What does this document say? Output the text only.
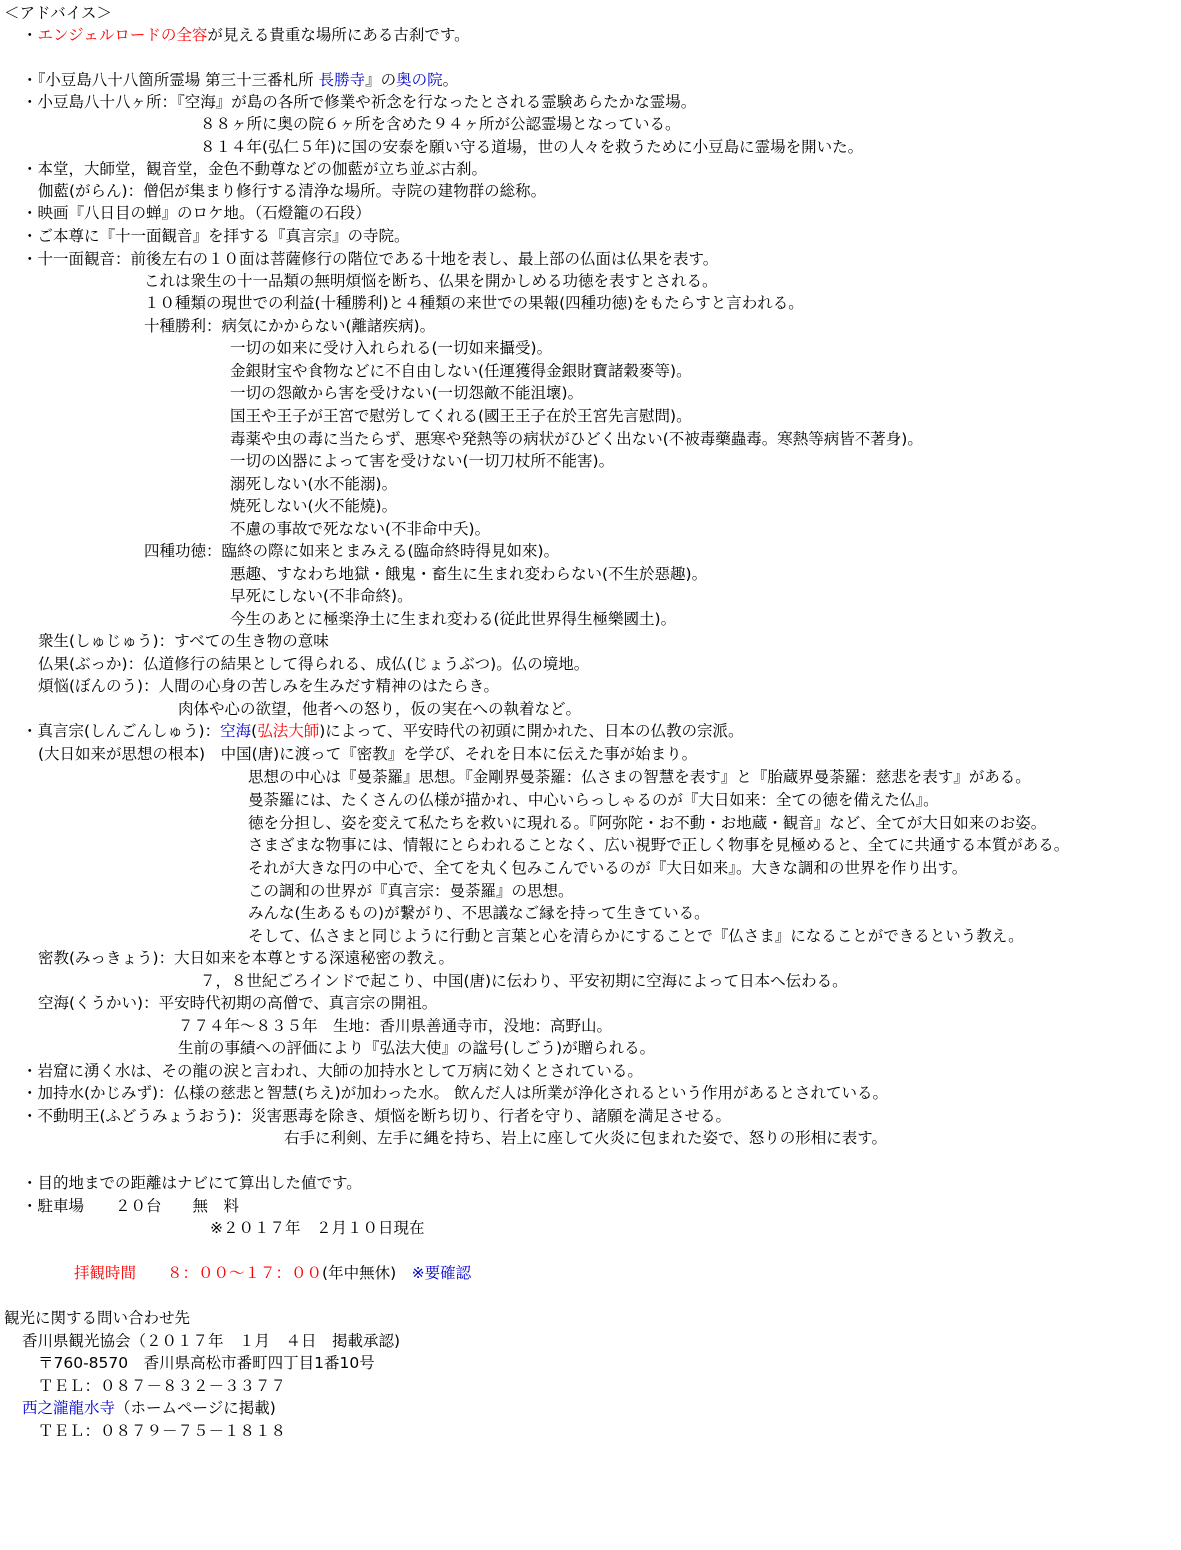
＜アドバイス＞
・エンジェルロードの全容が見える貴重な場所にある古刹です。
・『小豆島八十八箇所霊場 第三十三番札所 長勝寺』の奥の院。
・小豆島八十八ヶ所：『空海』が島の各所で修業や祈念を行なったとされる霊験あらたかな霊場。
８８ヶ所に奥の院６ヶ所を含めた９４ヶ所が公認霊場となっている。
８１４年(弘仁５年)に国の安泰を願い守る道場，世の人々を救うために小豆島に霊場を開いた。
・本堂，大師堂，観音堂，金色不動尊などの伽藍が立ち並ぶ古刹。
伽藍(がらん)：僧侶が集まり修行する清浄な場所。寺院の建物群の総称。
・映画『八日目の蝉』のロケ地。（石燈籠の石段）
・ご本尊に『十一面観音』を拝する『真言宗』の寺院。
・十一面観音：前後左右の１０面は菩薩修行の階位である十地を表し、最上部の仏面は仏果を表す。
これは衆生の十一品類の無明煩悩を断ち、仏果を開かしめる功徳を表すとされる。
１０種類の現世での利益(十種勝利)と４種類の来世での果報(四種功徳)をもたらすと言われる。
十種勝利：病気にかからない(離諸疾病)。
一切の如来に受け入れられる(一切如来攝受)。
金銀財宝や食物などに不自由しない(任運獲得金銀財寶諸穀麥等)。
一切の怨敵から害を受けない(一切怨敵不能沮壞)。
国王や王子が王宮で慰労してくれる(國王王子在於王宮先言慰問)。
毒薬や虫の毒に当たらず、悪寒や発熱等の病状がひどく出ない(不被毒藥蟲毒。寒熱等病皆不著身)。
一切の凶器によって害を受けない(一切刀杖所不能害)。
溺死しない(水不能溺)。
焼死しない(火不能燒)。
不慮の事故で死なない(不非命中夭)。
四種功徳：臨終の際に如来とまみえる(臨命終時得見如來)。
悪趣、すなわち地獄・餓鬼・畜生に生まれ変わらない(不生於惡趣)。
早死にしない(不非命終)。
今生のあとに極楽浄土に生まれ変わる(従此世界得生極樂國土)。
衆生(しゅじゅう)：すべての生き物の意味
仏果(ぶっか)：仏道修行の結果として得られる、成仏(じょうぶつ)。仏の境地。
煩悩(ぼんのう)：人間の心身の苦しみを生みだす精神のはたらき。
肉体や心の欲望，他者への怒り，仮の実在への執着など。
・真言宗(しんごんしゅう)：空海(弘法大師)によって、平安時代の初頭に開かれた、日本の仏教の宗派。
(大日如来が思想の根本)　中国(唐)に渡って『密教』を学び、それを日本に伝えた事が始まり。
思想の中心は『曼荼羅』思想。『金剛界曼荼羅：仏さまの智慧を表す』と『胎蔵界曼荼羅：慈悲を表す』がある。
曼荼羅には、たくさんの仏様が描かれ、中心いらっしゃるのが『大日如来：全ての徳を備えた仏』。
徳を分担し、姿を変えて私たちを救いに現れる。『阿弥陀・お不動・お地蔵・観音』など、全てが大日如来のお姿。
さまざまな物事には、情報にとらわれることなく、広い視野で正しく物事を見極めると、全てに共通する本質がある。
それが大きな円の中心で、全てを丸く包みこんでいるのが『大日如来』。大きな調和の世界を作り出す。
この調和の世界が『真言宗：曼荼羅』の思想。
みんな(生あるもの)が繋がり、不思議なご縁を持って生きている。
そして、仏さまと同じように行動と言葉と心を清らかにすることで『仏さま』になることができるという教え。
密教(みっきょう)：大日如来を本尊とする深遠秘密の教え。
７，８世紀ごろインドで起こり、中国(唐)に伝わり、平安初期に空海によって日本へ伝わる。
空海(くうかい)：平安時代初期の高僧で、真言宗の開祖。
７７４年～８３５年　生地：香川県善通寺市，没地：高野山。
生前の事績への評価により『弘法大使』の諡号(しごう)が贈られる。
・岩窟に湧く水は、その龍の涙と言われ、大師の加持水として万病に効くとされている。
・加持水(かじみず)：仏様の慈悲と智慧(ちえ)が加わった水。 飲んだ人は所業が浄化されるという作用があるとされている。
・不動明王(ふどうみょうおう)：災害悪毒を除き、煩悩を断ち切り、行者を守り、諸願を満足させる。
右手に利剣、左手に縄を持ち、岩上に座して火炎に包まれた姿で、怒りの形相に表す。
・目的地までの距離はナビにて算出した値です。
・駐車場　　２０台　　無　料
※２０１７年　２月１０日現在
拝観時間　　８：００～１７：００(年中無休)　※要確認
観光に関する問い合わせ先
香川県観光協会（２０１７年　１月　４日　掲載承認)
〒760-8570　香川県高松市番町四丁目1番10号
ＴＥＬ：０８７－８３２－３３７７
西之瀧龍水寺（ホームページに掲載)
ＴＥＬ：０８７９－７５－１８１８
